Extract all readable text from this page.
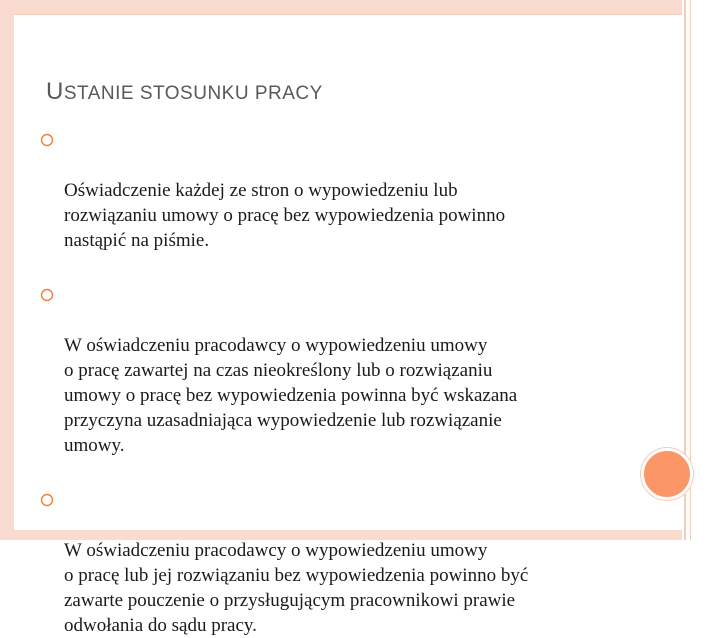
USTANIE STOSUNKU PRACY

Oświadczenie każdej ze stron o wypowiedzeniu lub
rozwiązaniu umowy o pracę bez wypowiedzenia powinno
nastąpić na piśmie.

W oświadczeniu pracodawcy o wypowiedzeniu umowy
o pracę zawartej na czas nieokreślony lub o rozwiązaniu
umowy o pracę bez wypowiedzenia powinna być wskazana
przyczyna uzasadniająca wypowiedzenie lub rozwiązanie
umowy.

W oświadczeniu pracodawcy o wypowiedzeniu umowy
o pracę lub jej rozwiązaniu bez wypowiedzenia powinno być
zawarte pouczenie o przysługującym pracownikowi prawie
odwołania do sądu pracy.
